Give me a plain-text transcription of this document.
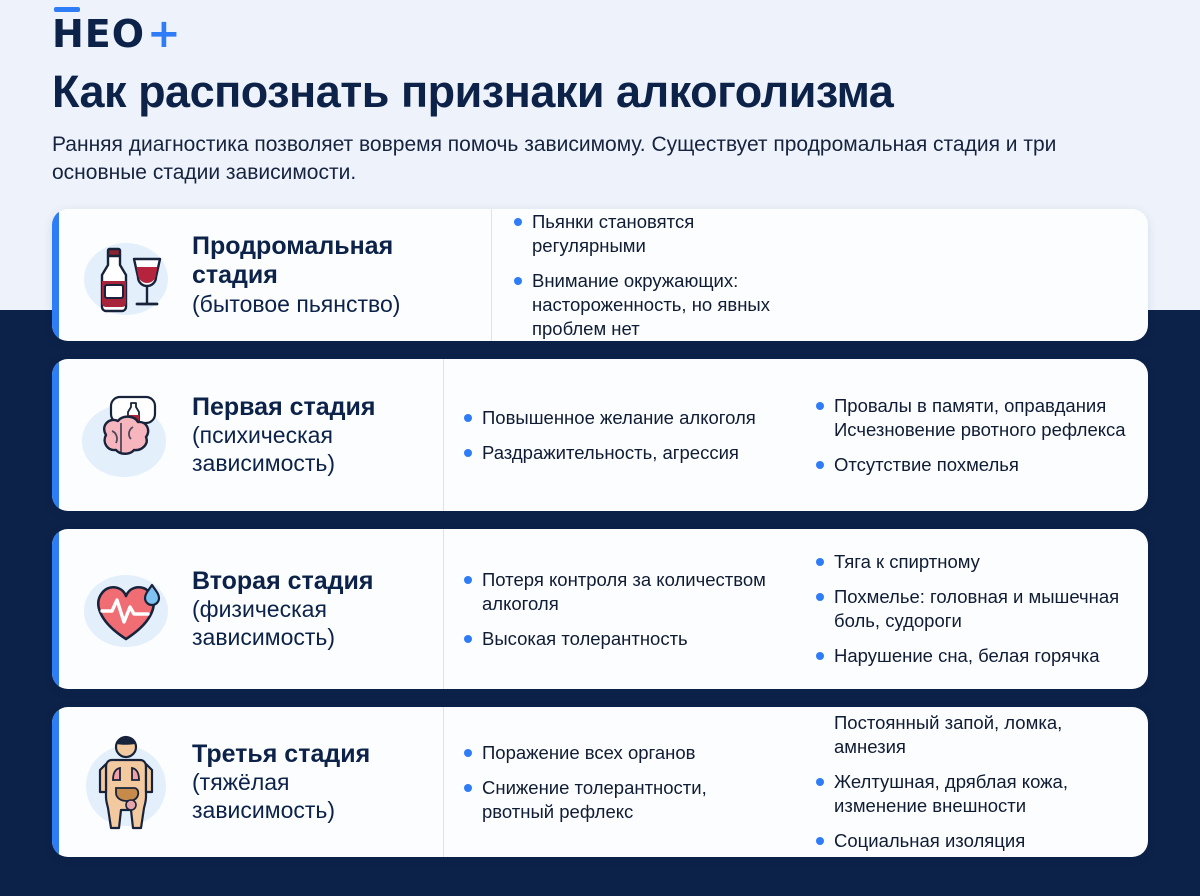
HEO+
Как распознать признаки алкоголизма
Ранняя диагностика позволяет вовремя помочь зависимому. Существует продромальная стадия и три основные стадии зависимости.
Продромальная стадия
(бытовое пьянство)
Пьянки становятся регулярными
Внимание окружающих: настороженность, но явных проблем нет
Первая стадия
(психическая зависимость)
Повышенное желание алкоголя
Раздражительность, агрессия
Провалы в памяти, оправдания Исчезновение рвотного рефлекса
Отсутствие похмелья
Вторая стадия
(физическая зависимость)
Потеря контроля за количеством алкоголя
Высокая толерантность
Тяга к спиртному
Похмелье: головная и мышечная боль, судороги
Нарушение сна, белая горячка
Третья стадия
(тяжёлая зависимость)
Поражение всех органов
Снижение толерантности, рвотный рефлекс
Постоянный запой, ломка, амнезия
Желтушная, дряблая кожа, изменение внешности
Социальная изоляция
